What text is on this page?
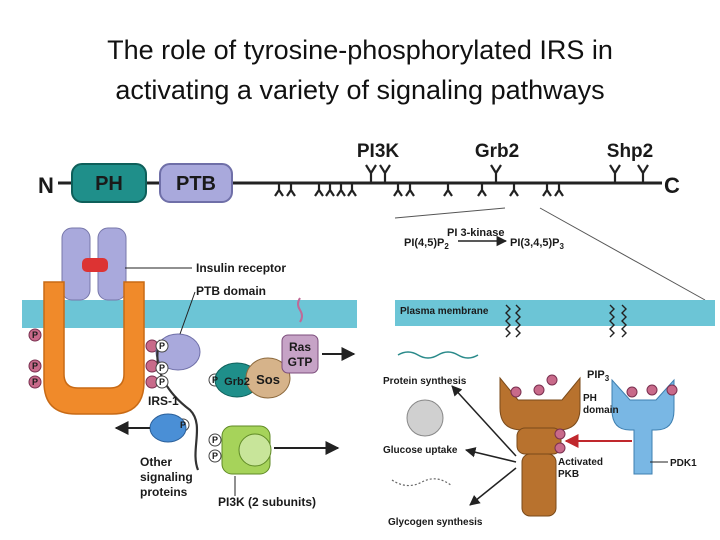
The role of tyrosine-phosphorylated IRS in
activating a variety of signaling pathways
N	C
PH	PTB
PI3K	Grb2	Shp2
Grb2 Sos
Ras
GTP
P
P
P
P
P
P
P
P
P
P
Insulin receptor
PTB domain
IRS-1
Other
signaling
proteins
PI3K (2 subunits)
PI 3-kinase
$PI(4,5)P_2$	$PI(3,4,5)P_3$
Plasma membrane
Protein synthesis
Glucose uptake
Glycogen synthesis
$PIP_3$
PH
domain
Activated
PKB
PDK1
